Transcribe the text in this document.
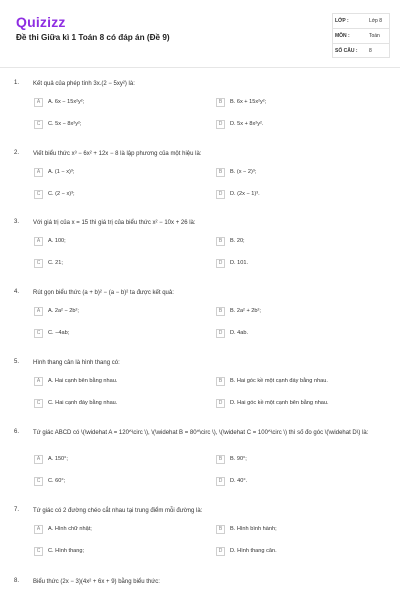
Quizizz
Đề thi Giữa kì 1 Toán 8 có đáp án (Đề 9)
LỚP :	Lớp 8
MÔN :	Toán
SỐ CÂU : 8
1. Kết quả của phép tính 3x.(2 − 5xy²) là:
A	A. 6x − 15x²y²;	B	B. 6x + 15x²y²;
C	C. 5x − 8x²y²;	D	D. 5x + 8x²y².
2. Viết biểu thức x³ − 6x² + 12x − 8 là lập phương của một hiệu là:
A	A. (1 − x)³;	B	B. (x − 2)³;
C	C. (2 − x)³;	D	D. (2x − 1)³.
3. Với giá trị của x = 15 thì giá trị của biểu thức x² − 10x + 26 là:
A	A. 100;	B	B. 20;
C	C. 21;	D	D. 101.
4. Rút gọn biểu thức (a + b)² − (a − b)² ta được kết quả:
A	A. 2a² − 2b²;	B	B. 2a² + 2b²;
C	C. −4ab;	D	D. 4ab.
5. Hình thang cân là hình thang có:
A	A. Hai cạnh bên bằng nhau.	B	B. Hai góc kề một cạnh đáy bằng nhau.
C	C. Hai cạnh đáy bằng nhau.	D	D. Hai góc kề một cạnh bên bằng nhau.
6. Tứ giác ABCD có \(\widehat A = 120^\circ \), \(\widehat B = 80^\circ \), \(\widehat C = 100^\circ \) thì số đo góc \(\widehat D\) là:
A	A. 150°;	B	B. 90°;
C	C. 60°;	D	D. 40°.
7. Tứ giác có 2 đường chéo cắt nhau tại trung điểm mỗi đường là:
A	A. Hình chữ nhật;	B	B. Hình bình hành;
C	C. Hình thang;	D	D. Hình thang cân.
8. Biểu thức (2x − 3)(4x² + 6x + 9) bằng biểu thức:
